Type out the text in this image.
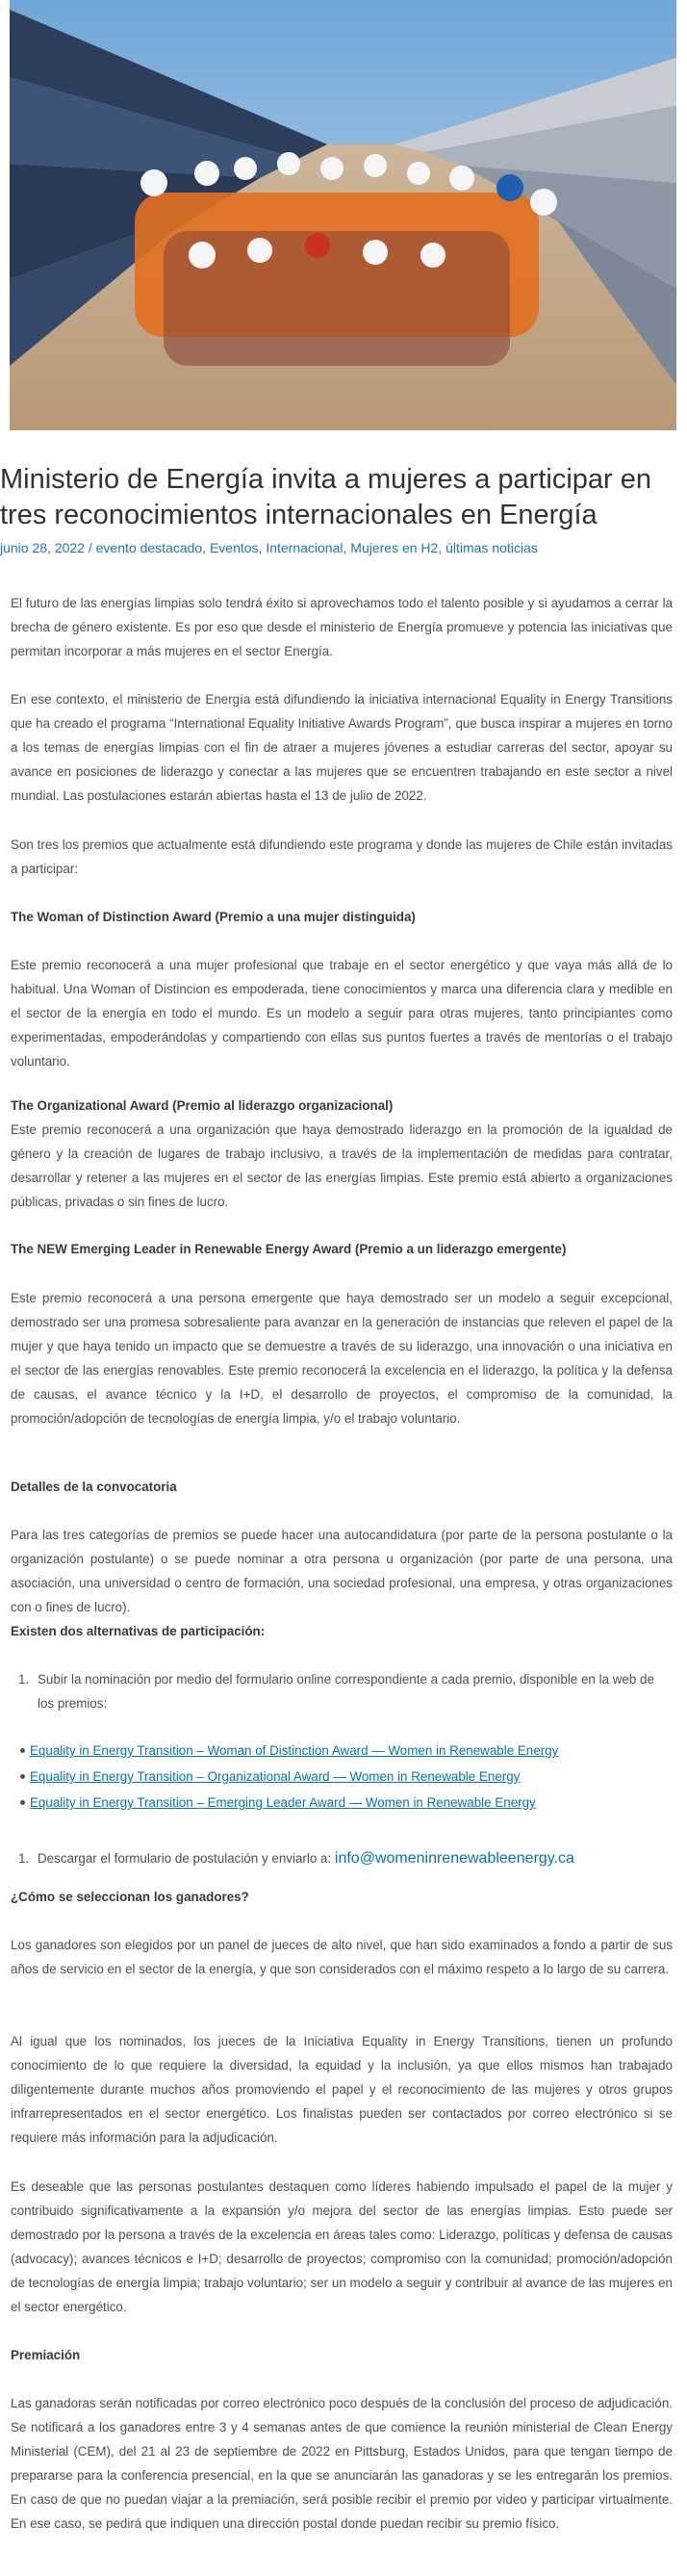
Ministerio de Energía invita a mujeres a participar en tres reconocimientos internacionales en Energía
junio 28, 2022 / evento destacado, Eventos, Internacional, Mujeres en H2, últimas noticias

El futuro de las energías limpias solo tendrá éxito si aprovechamos todo el talento posible y si ayudamos a cerrar la brecha de género existente. Es por eso que desde el ministerio de Energía promueve y potencia las iniciativas que permitan incorporar a más mujeres en el sector Energía.

En ese contexto, el ministerio de Energía está difundiendo la iniciativa internacional Equality in Energy Transitions que ha creado el programa “International Equality Initiative Awards Program”, que busca inspirar a mujeres en torno a los temas de energías limpias con el fin de atraer a mujeres jóvenes a estudiar carreras del sector, apoyar su avance en posiciones de liderazgo y conectar a las mujeres que se encuentren trabajando en este sector a nivel mundial. Las postulaciones estarán abiertas hasta el 13 de julio de 2022.

Son tres los premios que actualmente está difundiendo este programa y donde las mujeres de Chile están invitadas a participar:

The Woman of Distinction Award (Premio a una mujer distinguida)

Este premio reconocerá a una mujer profesional que trabaje en el sector energético y que vaya más allá de lo habitual. Una Woman of Distincion es empoderada, tiene conocimientos y marca una diferencia clara y medible en el sector de la energía en todo el mundo. Es un modelo a seguir para otras mujeres, tanto principiantes como experimentadas, empoderándolas y compartiendo con ellas sus puntos fuertes a través de mentorías o el trabajo voluntario.

The Organizational Award (Premio al liderazgo organizacional)

Este premio reconocerá a una organización que haya demostrado liderazgo en la promoción de la igualdad de género y la creación de lugares de trabajo inclusivo, a través de la implementación de medidas para contratar, desarrollar y retener a las mujeres en el sector de las energías limpias. Este premio está abierto a organizaciones públicas, privadas o sin fines de lucro.

The NEW Emerging Leader in Renewable Energy Award (Premio a un liderazgo emergente)

Este premio reconocerá a una persona emergente que haya demostrado ser un modelo a seguir excepcional, demostrado ser una promesa sobresaliente para avanzar en la generación de instancias que releven el papel de la mujer y que haya tenido un impacto que se demuestre a través de su liderazgo, una innovación o una iniciativa en el sector de las energías renovables. Este premio reconocerá la excelencia en el liderazgo, la política y la defensa de causas, el avance técnico y la I+D, el desarrollo de proyectos, el compromiso de la comunidad, la promoción/adopción de tecnologías de energía limpia, y/o el trabajo voluntario.

Detalles de la convocatoria

Para las tres categorías de premios se puede hacer una autocandidatura (por parte de la persona postulante o la organización postulante) o se puede nominar a otra persona u organización (por parte de una persona, una asociación, una universidad o centro de formación, una sociedad profesional, una empresa, y otras organizaciones con o fines de lucro).

Existen dos alternativas de participación:
1. Subir la nominación por medio del formulario online correspondiente a cada premio, disponible en la web de los premios:

Equality in Energy Transition – Woman of Distinction Award — Women in Renewable Energy
Equality in Energy Transition – Organizational Award — Women in Renewable Energy
Equality in Energy Transition – Emerging Leader Award — Women in Renewable Energy
1. Descargar el formulario de postulación y enviarlo a: info@womeninrenewableenergy.ca
¿Cómo se seleccionan los ganadores?

Los ganadores son elegidos por un panel de jueces de alto nivel, que han sido examinados a fondo a partir de sus años de servicio en el sector de la energía, y que son considerados con el máximo respeto a lo largo de su carrera.

Al igual que los nominados, los jueces de la Iniciativa Equality in Energy Transitions, tienen un profundo conocimiento de lo que requiere la diversidad, la equidad y la inclusión, ya que ellos mismos han trabajado diligentemente durante muchos años promoviendo el papel y el reconocimiento de las mujeres y otros grupos infrarrepresentados en el sector energético. Los finalistas pueden ser contactados por correo electrónico si se requiere más información para la adjudicación.

Es deseable que las personas postulantes destaquen como líderes habiendo impulsado el papel de la mujer y contribuido significativamente a la expansión y/o mejora del sector de las energías limpias. Esto puede ser demostrado por la persona a través de la excelencia en áreas tales como: Liderazgo, políticas y defensa de causas (advocacy); avances técnicos e I+D; desarrollo de proyectos; compromiso con la comunidad; promoción/adopción de tecnologías de energía limpia; trabajo voluntario; ser un modelo a seguir y contribuir al avance de las mujeres en el sector energético.

Premiación

Las ganadoras serán notificadas por correo electrónico poco después de la conclusión del proceso de adjudicación. Se notificará a los ganadores entre 3 y 4 semanas antes de que comience la reunión ministerial de Clean Energy Ministerial (CEM), del 21 al 23 de septiembre de 2022 en Pittsburg, Estados Unidos, para que tengan tiempo de prepararse para la conferencia presencial, en la que se anunciarán las ganadoras y se les entregarán los premios. En caso de que no puedan viajar a la premiación, será posible recibir el premio por video y participar virtualmente. En ese caso, se pedirá que indiquen una dirección postal donde puedan recibir su premio físico.
